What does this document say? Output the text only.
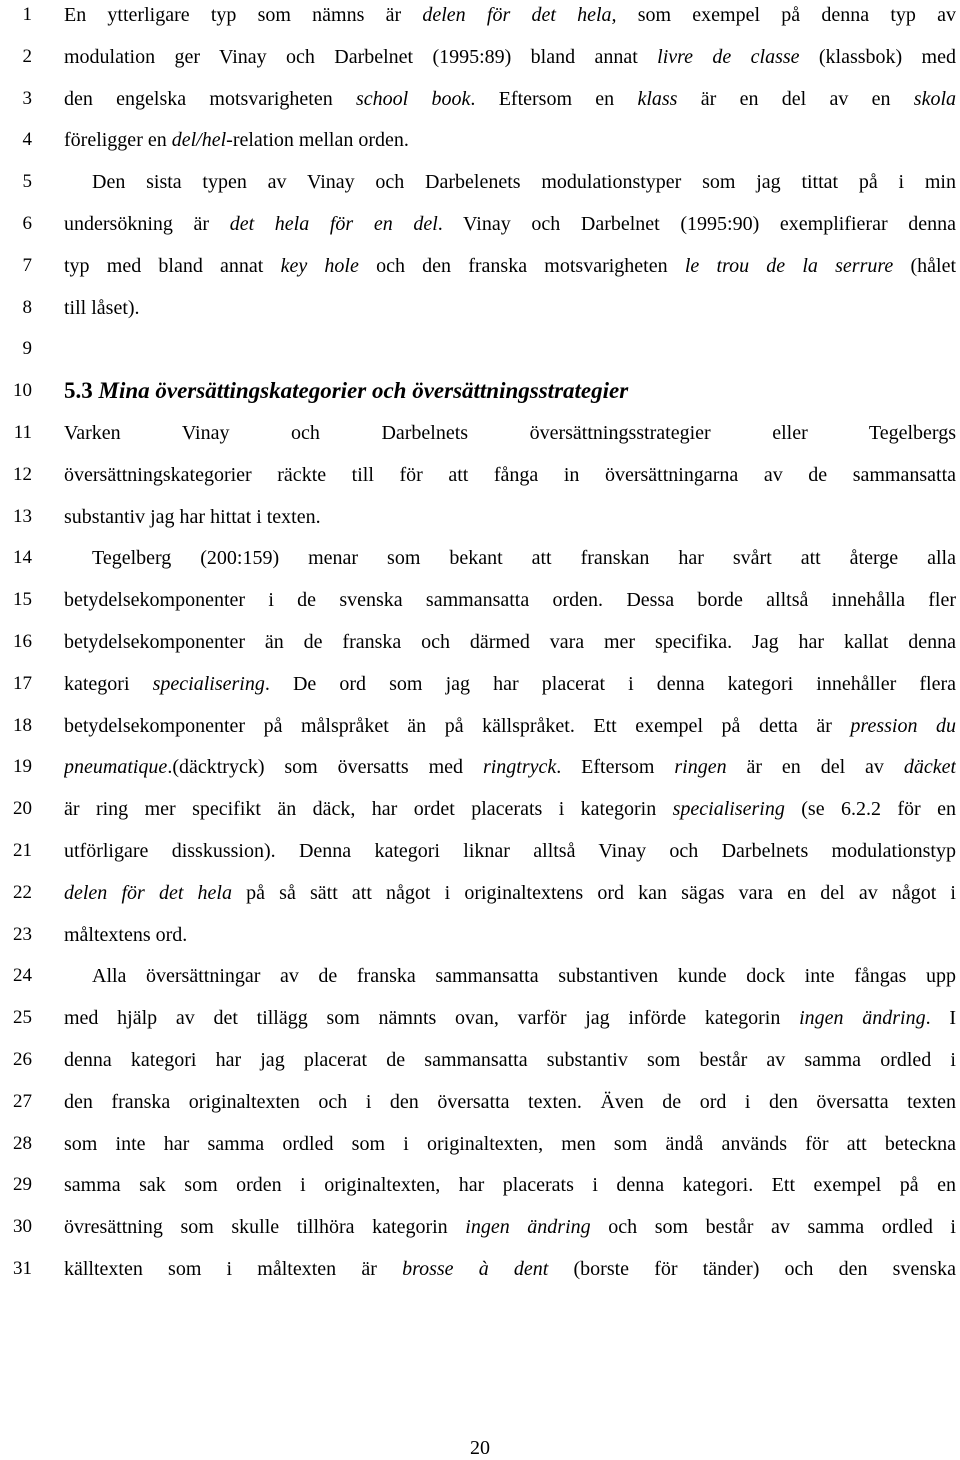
1 En ytterligare typ som nämns är delen för det hela, som exempel på denna typ av
2 modulation ger Vinay och Darbelnet (1995:89) bland annat livre de classe (klassbok) med
3 den engelska motsvarigheten school book. Eftersom en klass är en del av en skola
4 föreligger en del/hel-relation mellan orden.
5	Den sista typen av Vinay och Darbelenets modulationstyper som jag tittat på i min
6 undersökning är det hela för en del. Vinay och Darbelnet (1995:90) exemplifierar denna
7 typ med bland annat key hole och den franska motsvarigheten le trou de la serrure (hålet
8 till låset).
9
10 5.3 Mina översättingskategorier och översättningsstrategier
11 Varken Vinay och Darbelnets översättningsstrategier eller Tegelbergs
12 översättningskategorier räckte till för att fånga in översättningarna av de sammansatta
13 substantiv jag har hittat i texten.
14	Tegelberg (200:159) menar som bekant att franskan har svårt att återge alla
15 betydelsekomponenter i de svenska sammansatta orden. Dessa borde alltså innehålla fler
16 betydelsekomponenter än de franska och därmed vara mer specifika. Jag har kallat denna
17 kategori specialisering. De ord som jag har placerat i denna kategori innehåller flera
18 betydelsekomponenter på målspråket än på källspråket. Ett exempel på detta är pression du
19 pneumatique.(däcktryck) som översatts med ringtryck. Eftersom ringen är en del av däcket
20 är ring mer specifikt än däck, har ordet placerats i kategorin specialisering (se 6.2.2 för en
21 utförligare disskussion). Denna kategori liknar alltså Vinay och Darbelnets modulationstyp
22 delen för det hela på så sätt att något i originaltextens ord kan sägas vara en del av något i
23 måltextens ord.
24	Alla översättningar av de franska sammansatta substantiven kunde dock inte fångas upp
25 med hjälp av det tillägg som nämnts ovan, varför jag införde kategorin ingen ändring. I
26 denna kategori har jag placerat de sammansatta substantiv som består av samma ordled i
27 den franska originaltexten och i den översatta texten. Även de ord i den översatta texten
28 som inte har samma ordled som i originaltexten, men som ändå används för att beteckna
29 samma sak som orden i originaltexten, har placerats i denna kategori. Ett exempel på en
30 övresättning som skulle tillhöra kategorin ingen ändring och som består av samma ordled i
31 källtexten som i måltexten är brosse à dent (borste för tänder) och den svenska
20
